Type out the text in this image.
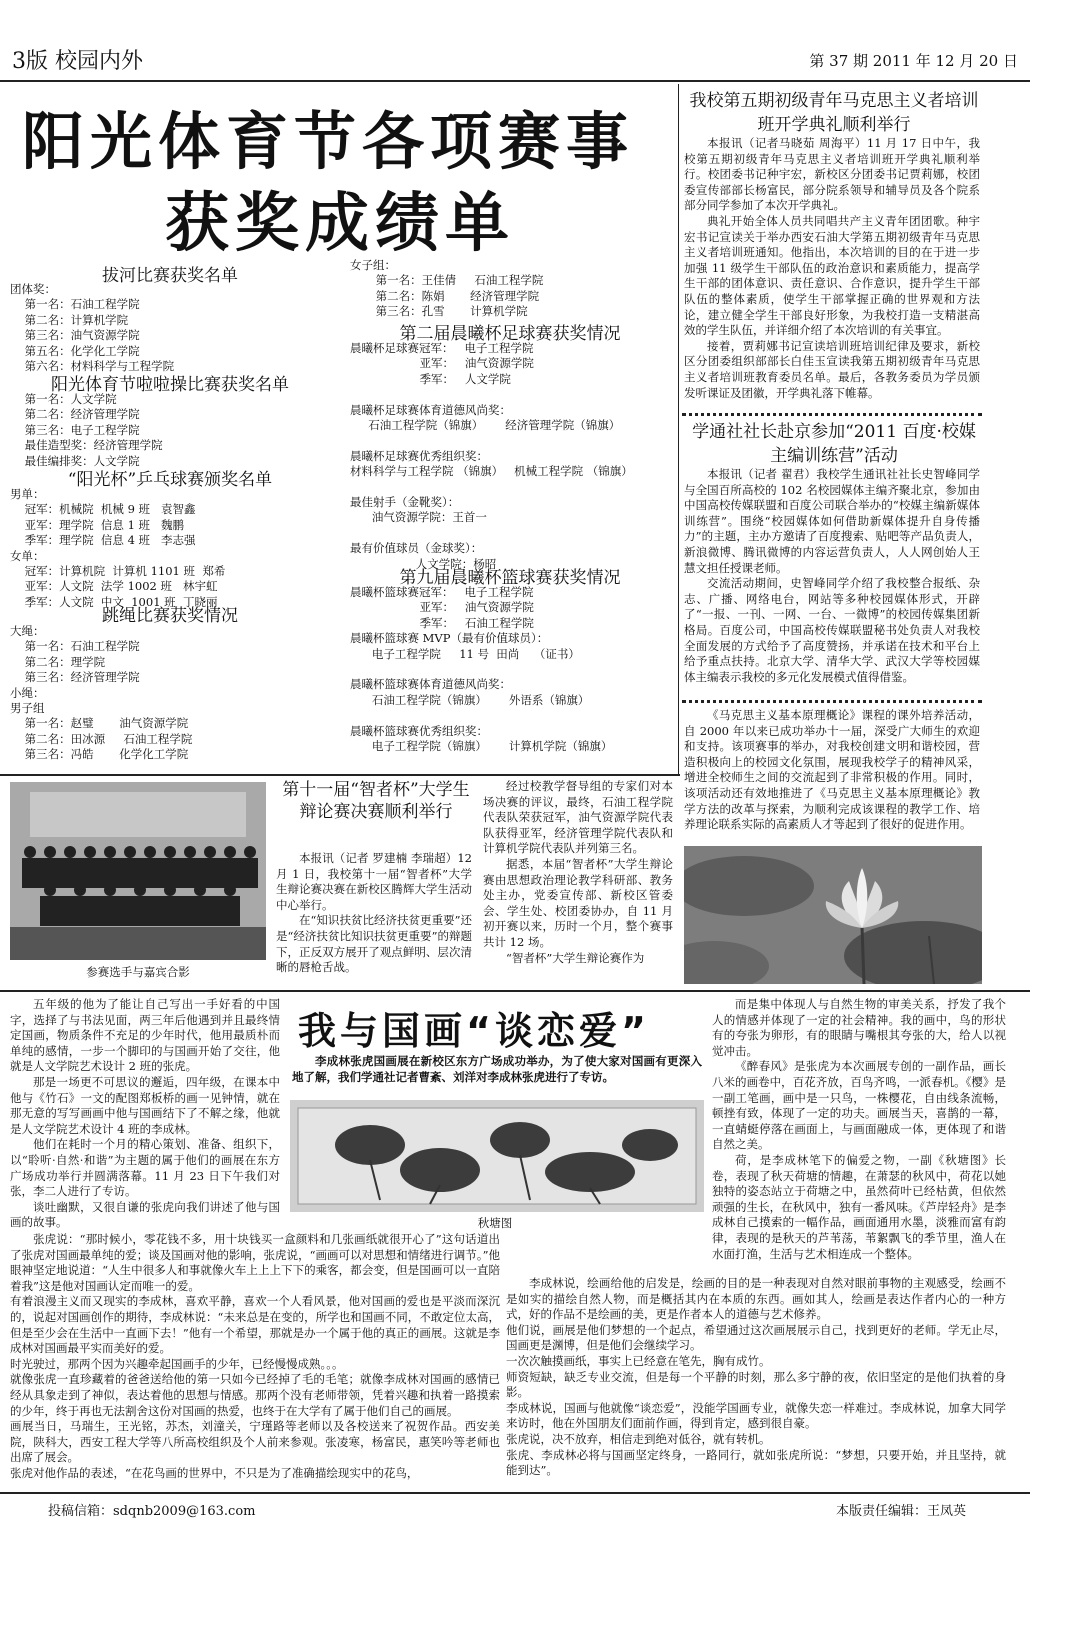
3版 校园内外	第 37 期 2011 年 12 月 20 日
阳光体育节各项赛事
获奖成绩单
拔河比赛获奖名单
团体奖：
第一名：石油工程学院
第二名：计算机学院
第三名：油气资源学院
第五名：化学化工学院
第六名：材料科学与工程学院
阳光体育节啦啦操比赛获奖名单
第一名：人文学院
第二名：经济管理学院
第三名：电子工程学院
最佳造型奖：经济管理学院
最佳编排奖：人文学院
“阳光杯”乒乓球赛颁奖名单
男单：
冠军：机械院  机械 9 班   袁智鑫
亚军：理学院  信息 1 班   魏鹏
季军：理学院  信息 4 班   李志强
女单：
冠军：计算机院  计算机 1101 班  郑希
亚军：人文院  法学 1002 班   林宇虹
季军：人文院  中文  1001 班  丁晓丽
跳绳比赛获奖情况
大绳：
第一名：石油工程学院
第二名：理学院
第三名：经济管理学院
小绳：
男子组
第一名：赵璧       油气资源学院
第二名：田冰源     石油工程学院
第三名：冯皓       化学化工学院
女子组：
第一名：王佳倩     石油工程学院
第二名：陈娟       经济管理学院
第三名：孔雪       计算机学院
第二届晨曦杯足球赛获奖情况
晨曦杯足球赛冠军：   电子工程学院
亚军：   油气资源学院
季军：   人文学院

晨曦杯足球赛体育道德风尚奖：
石油工程学院（锦旗）      经济管理学院（锦旗）

晨曦杯足球赛优秀组织奖：
材料科学与工程学院 （锦旗）   机械工程学院 （锦旗）

最佳射手（金靴奖）：
油气资源学院：王首一

最有价值球员（金球奖）：
人文学院：杨昭
第九届晨曦杯篮球赛获奖情况
晨曦杯篮球赛冠军：   电子工程学院
亚军：   油气资源学院
季军：   石油工程学院
晨曦杯篮球赛 MVP（最有价值球员）：
电子工程学院     11 号  田尚    （证书）

晨曦杯篮球赛体育道德风尚奖：
石油工程学院（锦旗）      外语系（锦旗）

晨曦杯篮球赛优秀组织奖：
电子工程学院（锦旗）      计算机学院（锦旗）
我校第五期初级青年马克思主义者培训班开学典礼顺利举行

本报讯（记者马晓茹 周海平）11 月 17 日中午，我校第五期初级青年马克思主义者培训班开学典礼顺利举行。校团委书记种宇宏，新校区分团委书记贾莉娜，校团委宣传部部长杨富民，部分院系领导和辅导员及各个院系部分同学参加了本次开学典礼。

典礼开始全体人员共同唱共产主义青年团团歌。种宇宏书记宣读关于举办西安石油大学第五期初级青年马克思主义者培训班通知。他指出，本次培训的目的在于进一步加强 11 级学生干部队伍的政治意识和素质能力，提高学生干部的团体意识、责任意识、合作意识，提升学生干部队伍的整体素质，使学生干部掌握正确的世界观和方法论，建立健全学生干部良好形象，为我校打造一支精湛高效的学生队伍，并详细介绍了本次培训的有关事宜。

接着，贾莉娜书记宣读培训班培训纪律及要求，新校区分团委组织部部长白佳玉宣读我第五期初级青年马克思主义者培训班教育委员名单。最后，各教务委员为学员颁发听课证及团徽，开学典礼落下帷幕。

学通社社长赴京参加“2011 百度·校媒主编训练营”活动

本报讯（记者 翟君）我校学生通讯社社长史智峰同学与全国百所高校的 102 名校园媒体主编齐聚北京，参加由中国高校传媒联盟和百度公司联合举办的“校媒主编新媒体训练营”。围绕“校园媒体如何借助新媒体提升自身传播力”的主题，主办方邀请了百度搜索、贴吧等产品负责人，新浪微博、腾讯微博的内容运营负责人，人人网创始人王慧文担任授课老师。

交流活动期间，史智峰同学介绍了我校整合报纸、杂志、广播、网络电台，网站等多种校园媒体形式，开辟了“一报、一刊、一网、一台、一微博”的校园传媒集团新格局。百度公司，中国高校传媒联盟秘书处负责人对我校全面发展的方式给予了高度赞扬，并承诺在技术和平台上给予重点扶持。北京大学、清华大学、武汉大学等校园媒体主编表示我校的多元化发展模式值得借鉴。

《马克思主义基本原理概论》课程的课外培养活动，自 2000 年以来已成功举办十一届，深受广大师生的欢迎和支持。该项赛事的举办，对我校创建文明和谐校园，营造积极向上的校园文化氛围，展现我校学子的精神风采，增进全校师生之间的交流起到了非常积极的作用。同时，该项活动还有效地推进了《马克思主义基本原理概论》教学方法的改革与探索，为顺利完成该课程的教学工作、培养理论联系实际的高素质人才等起到了很好的促进作用。

参赛选手与嘉宾合影
第十一届“智者杯”大学生辩论赛决赛顺利举行

本报讯（记者 罗建楠 李瑞超）12 月 1 日，我校第十一届“智者杯”大学生辩论赛决赛在新校区腾辉大学生活动中心举行。

在“知识扶贫比经济扶贫更重要”还是“经济扶贫比知识扶贫更重要”的辩题下，正反双方展开了观点鲜明、层次清晰的唇枪舌战。

经过校教学督导组的专家们对本场决赛的评议，最终，石油工程学院代表队荣获冠军，油气资源学院代表队获得亚军，经济管理学院代表队和计算机学院代表队并列第三名。

据悉，本届“智者杯”大学生辩论赛由思想政治理论教学科研部、教务处主办，党委宣传部、新校区管委会、学生处、校团委协办，自 11 月初开赛以来，历时一个月，整个赛事共计 12 场。

“智者杯”大学生辩论赛作为

五年级的他为了能让自己写出一手好看的中国字，选择了与书法见面，两三年后他遇到并且最终情定国画，物质条件不充足的少年时代，他用最质朴而单纯的感情，一步一个脚印的与国画开始了交往，他就是人文学院艺术设计 2 班的张虎。

那是一场更不可思议的邂逅，四年级，在课本中他与《竹石》一文的配图郑板桥的画一见钟情，就在那无意的写写画画中他与国画结下了不解之缘，他就是人文学院艺术设计 4 班的李成林。

他们在耗时一个月的精心策划、准备、组织下，以“聆听·自然·和谐”为主题的属于他们的画展在东方广场成功举行并圆满落幕。11 月 23 日下午我们对张，李二人进行了专访。

谈吐幽默，又很自谦的张虎向我们讲述了他与国画的故事。

我与国画“谈恋爱”

李成林张虎国画展在新校区东方广场成功举办，为了使大家对国画有更深入地了解，我们学通社记者曹紊、刘洋对李成林张虎进行了专访。

秋塘图

张虎说：“那时候小，零花钱不多，用十块钱买一盒颜料和几张画纸就很开心了”这句话道出了张虎对国画最单纯的爱；谈及国画对他的影响，张虎说，“画画可以对思想和情绪进行调节。”他眼神坚定地说道：“人生中很多人和事就像火车上上上下下的乘客，都会变，但是国画可以一直陪着我”这是他对国画认定而唯一的爱。
有着浪漫主义而又现实的李成林，喜欢平静，喜欢一个人看风景，他对国画的爱也是平淡而深沉的，说起对国画创作的期待，李成林说：“未来总是在变的，所学也和国画不同，不敢定位太高，但是至少会在生活中一直画下去！”他有一个希望，那就是办一个属于他的真正的画展。这就是李成林对国画最平实而美好的爱。
时光驶过，那两个因为兴趣牵起国画手的少年，已经慢慢成熟。。。
就像张虎一直珍藏着的爸爸送给他的第一只如今已经掉了毛的毛笔；就像李成林对国画的感情已经从具象走到了神似，表达着他的思想与情感。那两个没有老师带领，凭着兴趣和执着一路摸索的少年，终于再也无法割舍这份对国画的热爱，也终于在大学有了属于他们自己的画展。
画展当日，马瑞生，王光铭，苏杰，刘潼关，宁瑾路等老师以及各校送来了祝贺作品。西安美院，陕科大，西安工程大学等八所高校组织及个人前来参观。张凌寒，杨富民，惠笑吟等老师也出席了展会。
张虎对他作品的表述，“在花鸟画的世界中，不只是为了准确描绘现实中的花鸟，

而是集中体现人与自然生物的审美关系，抒发了我个人的情感并体现了一定的社会精神。我的画中，鸟的形状有的夸张为卵形，有的眼睛与嘴根其夸张的大，给人以视觉冲击。

《醉春风》是张虎为本次画展专创的一副作品，画长八米的画卷中，百花齐放，百鸟齐鸣，一派春机。《樱》是一副工笔画，画中是一只鸟，一株樱花，自由线条流畅，顿挫有致，体现了一定的功夫。画展当天，喜鹊的一幕，一直蜻蜓停落在画面上，与画面融成一体，更体现了和谐自然之美。

荷，是李成林笔下的偏爱之物，一副《秋塘图》长卷，表现了秋天荷塘的情趣，在萧瑟的秋风中，荷花以她独特的姿态站立于荷塘之中，虽然荷叶已经枯黄，但依然顽强的生长，在秋风中，独有一番风味。《芦岸轻舟》是李成林自己摸索的一幅作品，画面通用水墨，淡雅而富有韵律，表现的是秋天的芦苇荡，苇絮飘飞的季节里，渔人在水面打渔，生活与艺术相连成一个整体。

李成林说，绘画给他的启发是，绘画的目的是一种表现对自然对眼前事物的主观感受，绘画不是如实的描绘自然人物，而是概括其内在本质的东西。画如其人，绘画是表达作者内心的一种方式，好的作品不是绘画的美，更是作者本人的道德与艺术修养。
他们说，画展是他们梦想的一个起点，希望通过这次画展展示自己，找到更好的老师。学无止尽，国画更是渊博，但是他们会继续学习。
一次次触摸画纸，事实上已经意在笔先，胸有成竹。
师资短缺，缺乏专业交流，但是每一个平静的时刻，那么多宁静的夜，依旧坚定的是他们执着的身影。
李成林说，国画与他就像“谈恋爱”，没能学国画专业，就像失恋一样难过。李成林说，加拿大同学来访时，他在外国朋友们面前作画，得到肯定，感到很自豪。
张虎说，决不放弃，相信走到绝对低谷，就有转机。
张虎、李成林必将与国画坚定终身，一路同行，就如张虎所说：“梦想，只要开始，并且坚持，就能到达”。

投稿信箱：sdqnb2009@163.com	本版责任编辑：王凤英
